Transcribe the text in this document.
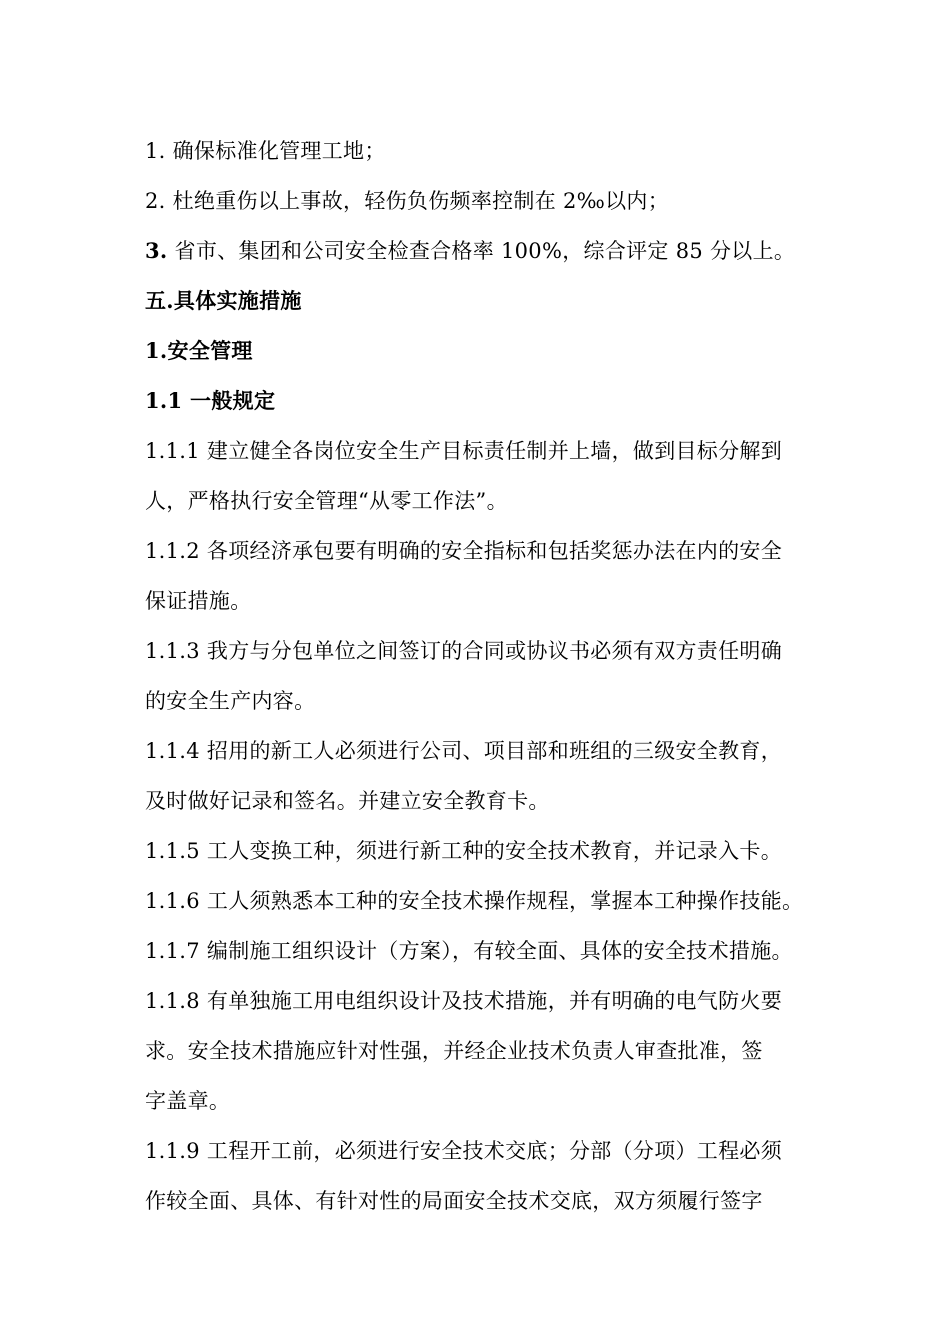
1. 确保标准化管理工地；
2. 杜绝重伤以上事故，轻伤负伤频率控制在 2‰以内；
3. 省市、集团和公司安全检查合格率 100%，综合评定 85 分以上。
五.具体实施措施
1.安全管理
1.1 一般规定
1.1.1 建立健全各岗位安全生产目标责任制并上墙，做到目标分解到
人，严格执行安全管理“从零工作法”。
1.1.2 各项经济承包要有明确的安全指标和包括奖惩办法在内的安全
保证措施。
1.1.3 我方与分包单位之间签订的合同或协议书必须有双方责任明确
的安全生产内容。
1.1.4 招用的新工人必须进行公司、项目部和班组的三级安全教育，
及时做好记录和签名。并建立安全教育卡。
1.1.5 工人变换工种，须进行新工种的安全技术教育，并记录入卡。
1.1.6 工人须熟悉本工种的安全技术操作规程，掌握本工种操作技能。
1.1.7 编制施工组织设计（方案），有较全面、具体的安全技术措施。
1.1.8 有单独施工用电组织设计及技术措施，并有明确的电气防火要
求。安全技术措施应针对性强，并经企业技术负责人审查批准，签
字盖章。
1.1.9 工程开工前，必须进行安全技术交底；分部（分项）工程必须
作较全面、具体、有针对性的局面安全技术交底，双方须履行签字
